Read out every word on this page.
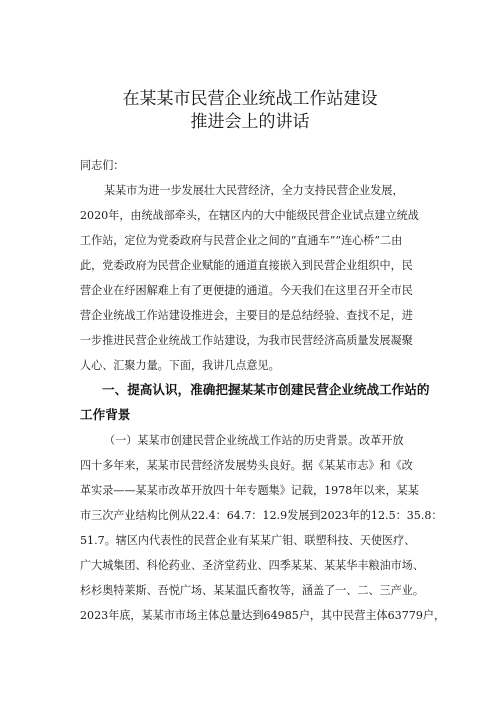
在某某市民营企业统战工作站建设
推进会上的讲话
同志们：
某某市为进一步发展壮大民营经济，全力支持民营企业发展，
2020年，由统战部牵头，在辖区内的大中能级民营企业试点建立统战
工作站，定位为党委政府与民营企业之间的“直通车”“连心桥”二由
此，党委政府为民营企业赋能的通道直接嵌入到民营企业组织中，民
营企业在纾困解难上有了更便捷的通道。今天我们在这里召开全市民
营企业统战工作站建设推进会，主要目的是总结经验、查找不足，进
一步推进民营企业统战工作站建设，为我市民营经济高质量发展凝聚
人心、汇聚力量。下面，我讲几点意见。
一、提高认识，准确把握某某市创建民营企业统战工作站的
工作背景
（一）某某市创建民营企业统战工作站的历史背景。改革开放
四十多年来，某某市民营经济发展势头良好。据《某某市志》和《改
革实录——某某市改革开放四十年专题集》记载，1978年以来，某某
市三次产业结构比例从22.4：64.7：12.9发展到2023年的12.5：35.8：
51.7。辖区内代表性的民营企业有某某广钼、联塑科技、天使医疗、
广大城集团、科伦药业、圣济堂药业、四季某某、某某华丰粮油市场、
杉杉奥特莱斯、吾悦广场、某某温氏畜牧等，涵盖了一、二、三产业。
2023年底，某某市市场主体总量达到64985户，其中民营主体63779户，
